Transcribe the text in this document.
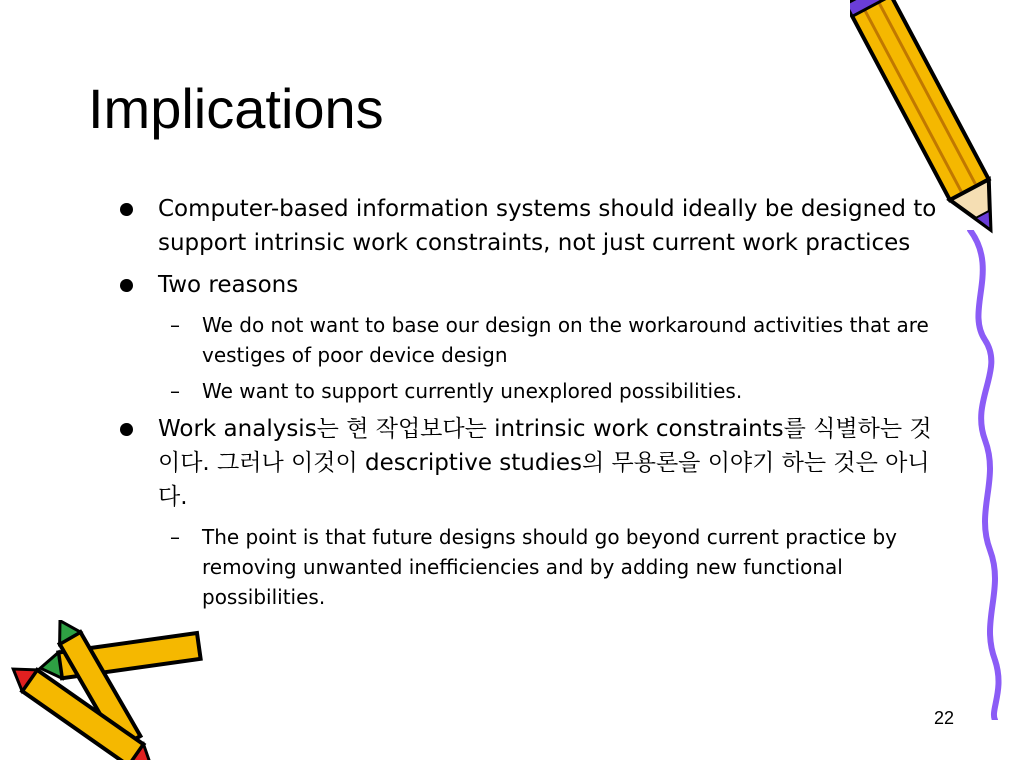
Implications
Computer-based information systems should ideally be designed to support intrinsic work constraints, not just current work practices
Two reasons
– We do not want to base our design on the workaround activities that are vestiges of poor device design
– We want to support currently unexplored possibilities.
Work analysis는 현 작업보다는 intrinsic work constraints를 식별하는 것이다. 그러나 이것이 descriptive studies의 무용론을 이야기 하는 것은 아니다.
– The point is that future designs should go beyond current practice by removing unwanted inefficiencies and by adding new functional possibilities.
22
